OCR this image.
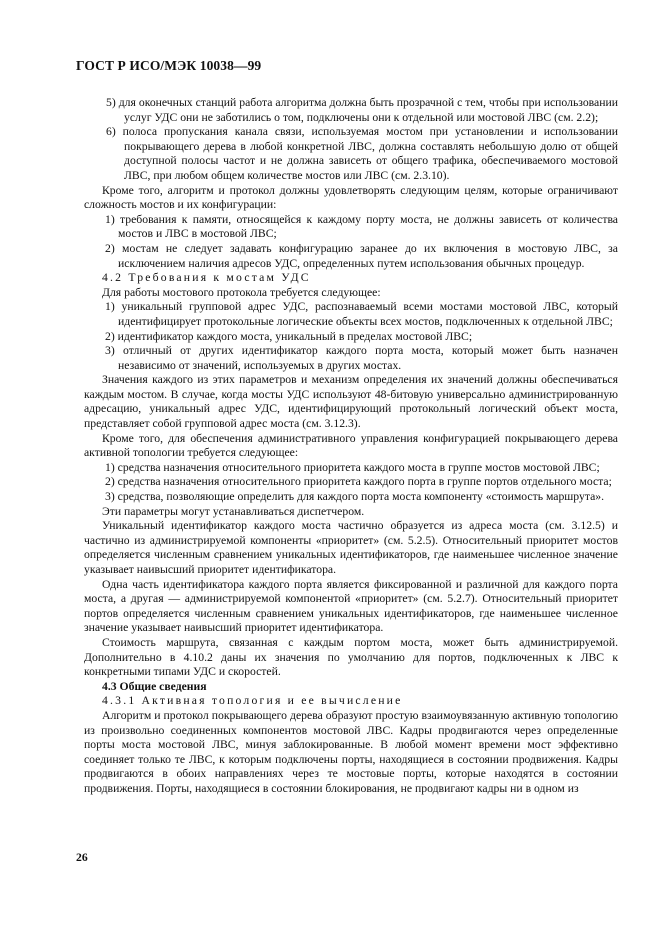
ГОСТ Р ИСО/МЭК 10038—99

5) для оконечных станций работа алгоритма должна быть прозрачной с тем, чтобы при использовании услуг УДС они не заботились о том, подключены они к отдельной или мостовой ЛВС (см. 2.2);

6) полоса пропускания канала связи, используемая мостом при установлении и использовании покрывающего дерева в любой конкретной ЛВС, должна составлять небольшую долю от общей доступной полосы частот и не должна зависеть от общего трафика, обеспечиваемого мостовой ЛВС, при любом общем количестве мостов или ЛВС (см. 2.3.10).

Кроме того, алгоритм и протокол должны удовлетворять следующим целям, которые ограничивают сложность мостов и их конфигурации:

1) требования к памяти, относящейся к каждому порту моста, не должны зависеть от количества мостов и ЛВС в мостовой ЛВС;

2) мостам не следует задавать конфигурацию заранее до их включения в мостовую ЛВС, за исключением наличия адресов УДС, определенных путем использования обычных процедур.

4.2 Требования к мостам УДС

Для работы мостового протокола требуется следующее:

1) уникальный групповой адрес УДС, распознаваемый всеми мостами мостовой ЛВС, который идентифицирует протокольные логические объекты всех мостов, подключенных к отдельной ЛВС;

2) идентификатор каждого моста, уникальный в пределах мостовой ЛВС;

3) отличный от других идентификатор каждого порта моста, который может быть назначен независимо от значений, используемых в других мостах.

Значения каждого из этих параметров и механизм определения их значений должны обеспечиваться каждым мостом. В случае, когда мосты УДС используют 48-битовую универсально администрированную адресацию, уникальный адрес УДС, идентифицирующий протокольный логический объект моста, представляет собой групповой адрес моста (см. 3.12.3).

Кроме того, для обеспечения административного управления конфигурацией покрывающего дерева активной топологии требуется следующее:

1) средства назначения относительного приоритета каждого моста в группе мостов мостовой ЛВС;

2) средства назначения относительного приоритета каждого порта в группе портов отдельного моста;

3) средства, позволяющие определить для каждого порта моста компоненту «стоимость маршрута».

Эти параметры могут устанавливаться диспетчером.

Уникальный идентификатор каждого моста частично образуется из адреса моста (см. 3.12.5) и частично из администрируемой компоненты «приоритет» (см. 5.2.5). Относительный приоритет мостов определяется численным сравнением уникальных идентификаторов, где наименьшее численное значение указывает наивысший приоритет идентификатора.

Одна часть идентификатора каждого порта является фиксированной и различной для каждого порта моста, а другая — администрируемой компонентой «приоритет» (см. 5.2.7). Относительный приоритет портов определяется численным сравнением уникальных идентификаторов, где наименьшее численное значение указывает наивысший приоритет идентификатора.

Стоимость маршрута, связанная с каждым портом моста, может быть администрируемой. Дополнительно в 4.10.2 даны их значения по умолчанию для портов, подключенных к ЛВС к конкретными типами УДС и скоростей.

4.3 Общие сведения

4.3.1 Активная топология и ее вычисление

Алгоритм и протокол покрывающего дерева образуют простую взаимоувязанную активную топологию из произвольно соединенных компонентов мостовой ЛВС. Кадры продвигаются через определенные порты моста мостовой ЛВС, минуя заблокированные. В любой момент времени мост эффективно соединяет только те ЛВС, к которым подключены порты, находящиеся в состоянии продвижения. Кадры продвигаются в обоих направлениях через те мостовые порты, которые находятся в состоянии продвижения. Порты, находящиеся в состоянии блокирования, не продвигают кадры ни в одном из

26
